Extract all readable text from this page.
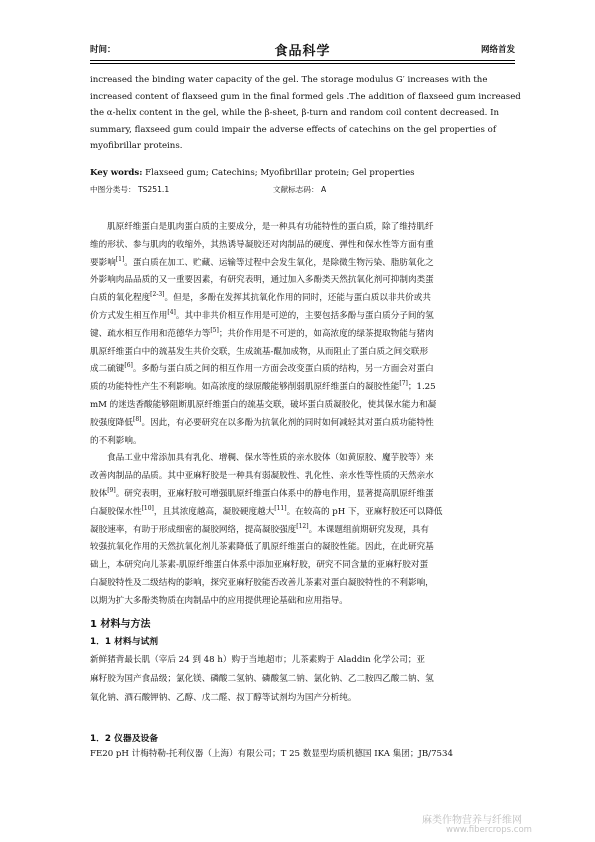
时间：	食品科学	网络首发
increased the binding water capacity of the gel. The storage modulus G′ increases with the
increased content of flaxseed gum in the final formed gels .The addition of flaxseed gum increased
the α-helix content in the gel, while the β-sheet, β-turn and random coil content decreased. In
summary, flaxseed gum could impair the adverse effects of catechins on the gel properties of
myofibrillar proteins.
Key words: Flaxseed gum; Catechins; Myofibrillar protein; Gel properties
中图分类号： TS251.1	文献标志码： A

肌原纤维蛋白是肌肉蛋白质的主要成分，是一种具有功能特性的蛋白质，除了维持肌纤
维的形状、参与肌肉的收缩外，其热诱导凝胶还对肉制品的硬度、弹性和保水性等方面有重
要影响[1]。蛋白质在加工、贮藏、运输等过程中会发生氧化，是除微生物污染、脂肪氧化之
外影响肉品品质的又一重要因素，有研究表明，通过加入多酚类天然抗氧化剂可抑制肉类蛋
白质的氧化程度[2-3]。但是，多酚在发挥其抗氧化作用的同时，还能与蛋白质以非共价或共
价方式发生相互作用[4]。其中非共价相互作用是可逆的，主要包括多酚与蛋白质分子间的氢
键、疏水相互作用和范德华力等[5]；共价作用是不可逆的，如高浓度的绿茶提取物能与猪肉
肌原纤维蛋白中的巯基发生共价交联，生成巯基-醌加成物，从而阻止了蛋白质之间交联形
成二硫键[6]。多酚与蛋白质之间的相互作用一方面会改变蛋白质的结构，另一方面会对蛋白
质的功能特性产生不利影响。如高浓度的绿原酸能够削弱肌原纤维蛋白的凝胶性能[7]；1.25
mM 的迷迭香酸能够阻断肌原纤维蛋白的巯基交联，破坏蛋白质凝胶化，使其保水能力和凝
胶强度降低[8]。因此，有必要研究在以多酚为抗氧化剂的同时如何减轻其对蛋白质功能特性
的不利影响。

食品工业中常添加具有乳化、增稠、保水等性质的亲水胶体（如黄原胶、魔芋胶等）来
改善肉制品的品质。其中亚麻籽胶是一种具有弱凝胶性、乳化性、亲水性等性质的天然亲水
胶体[9]。研究表明，亚麻籽胶可增强肌原纤维蛋白体系中的静电作用，显著提高肌原纤维蛋
白凝胶保水性[10]，且其浓度越高，凝胶硬度越大[11]。在较高的 pH 下，亚麻籽胶还可以降低
凝胶速率，有助于形成细密的凝胶网络，提高凝胶强度[12]。本课题组前期研究发现，具有
较强抗氧化作用的天然抗氧化剂儿茶素降低了肌原纤维蛋白的凝胶性能。因此，在此研究基
础上，本研究向儿茶素-肌原纤维蛋白体系中添加亚麻籽胶，研究不同含量的亚麻籽胶对蛋
白凝胶特性及二级结构的影响，探究亚麻籽胶能否改善儿茶素对蛋白凝胶特性的不利影响，
以期为扩大多酚类物质在肉制品中的应用提供理论基础和应用指导。

1 材料与方法
1．1 材料与试剂
新鲜猪背最长肌（宰后 24 到 48 h）购于当地超市；儿茶素购于 Aladdin 化学公司；亚
麻籽胶为国产食品级；氯化镁、磷酸二氢钠、磷酸氢二钠、氯化钠、乙二胺四乙酸二钠、氢
氧化钠、酒石酸钾钠、乙醇、戊二醛、叔丁醇等试剂均为国产分析纯。
1．2 仪器及设备
FE20 pH 计梅特勒-托利仪器（上海）有限公司；T 25 数显型均质机德国 IKA 集团；JB/7534
麻类作物营养与纤维网
www.fibercrops.com
